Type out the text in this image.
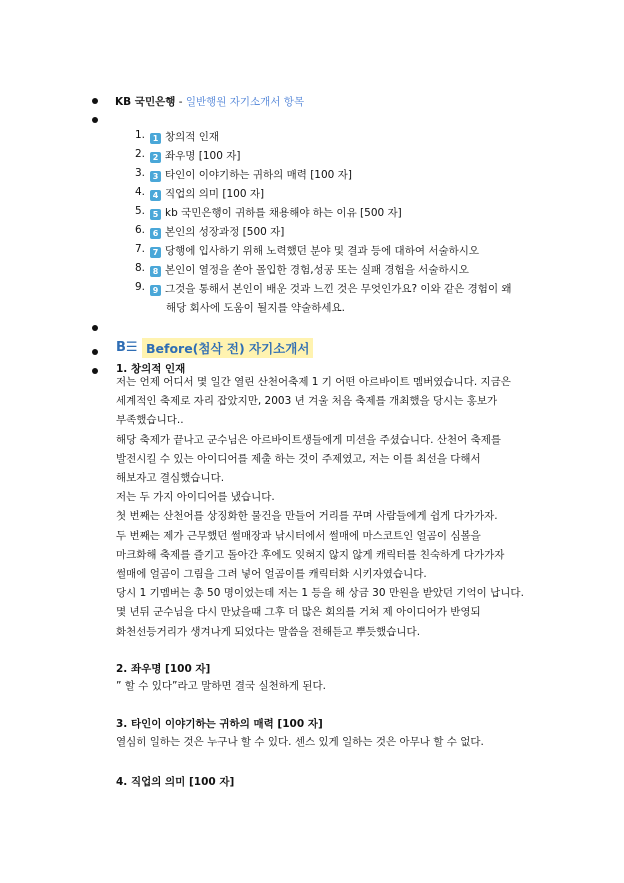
KB 국민은행 - 일반행원 자기소개서 항목
1. 1 창의적 인재
2. 2 좌우명 [100 자]
3. 3 타인이 이야기하는 귀하의 매력 [100 자]
4. 4 직업의 의미 [100 자]
5. 5 kb 국민은행이 귀하를 채용해야 하는 이유 [500 자]
6. 6 본인의 성장과정 [500 자]
7. 7 당행에 입사하기 위해 노력했던 분야 및 결과 등에 대하여 서술하시오
8. 8 본인이 열정을 쏟아 몰입한 경험,성공 또는 실패 경험을 서술하시오
9. 9 그것을 통해서 본인이 배운 것과 느낀 것은 무엇인가요? 이와 같은 경험이 왜
해당 회사에 도움이 될지를 약술하세요.
B☰ Before(첨삭 전) 자기소개서
1. 창의적 인재
저는 언제 어디서 몇 일간 열린 산천어축제 1 기 어떤 아르바이트 멤버였습니다. 지금은
세계적인 축제로 자리 잡았지만, 2003 년 겨울 처음 축제를 개최했을 당시는 홍보가
부족했습니다..
해당 축제가 끝나고 군수님은 아르바이트생들에게 미션을 주셨습니다. 산천어 축제를
발전시킬 수 있는 아이디어를 제출 하는 것이 주제였고, 저는 이를 최선을 다해서
해보자고 결심했습니다.
저는 두 가지 아이디어를 냈습니다.
첫 번째는 산천어를 상징화한 물건을 만들어 거리를 꾸며 사람들에게 쉽게 다가가자.
두 번째는 제가 근무했던 썰매장과 낚시터에서 썰매에 마스코트인 얼곰이 심볼을
마크화해 축제를 즐기고 돌아간 후에도 잊혀지 않지 않게 캐릭터를 친숙하게 다가가자
썰매에 얼곰이 그림을 그려 넣어 얼곰이를 캐릭터화 시키자였습니다.
당시 1 기멤버는 총 50 명이었는데 저는 1 등을 해 상금 30 만원을 받았던 기억이 납니다.
몇 년뒤 군수님을 다시 만났을때 그후 더 많은 회의를 거쳐 제 아이디어가 반영되
화천선등거리가 생겨나게 되었다는 말씀을 전해듣고 뿌듯했습니다.
2. 좌우명 [100 자]
” 할 수 있다”라고 말하면 결국 실천하게 된다.
3. 타인이 이야기하는 귀하의 매력 [100 자]
열심히 일하는 것은 누구나 할 수 있다. 센스 있게 일하는 것은 아무나 할 수 없다.
4. 직업의 의미 [100 자]
